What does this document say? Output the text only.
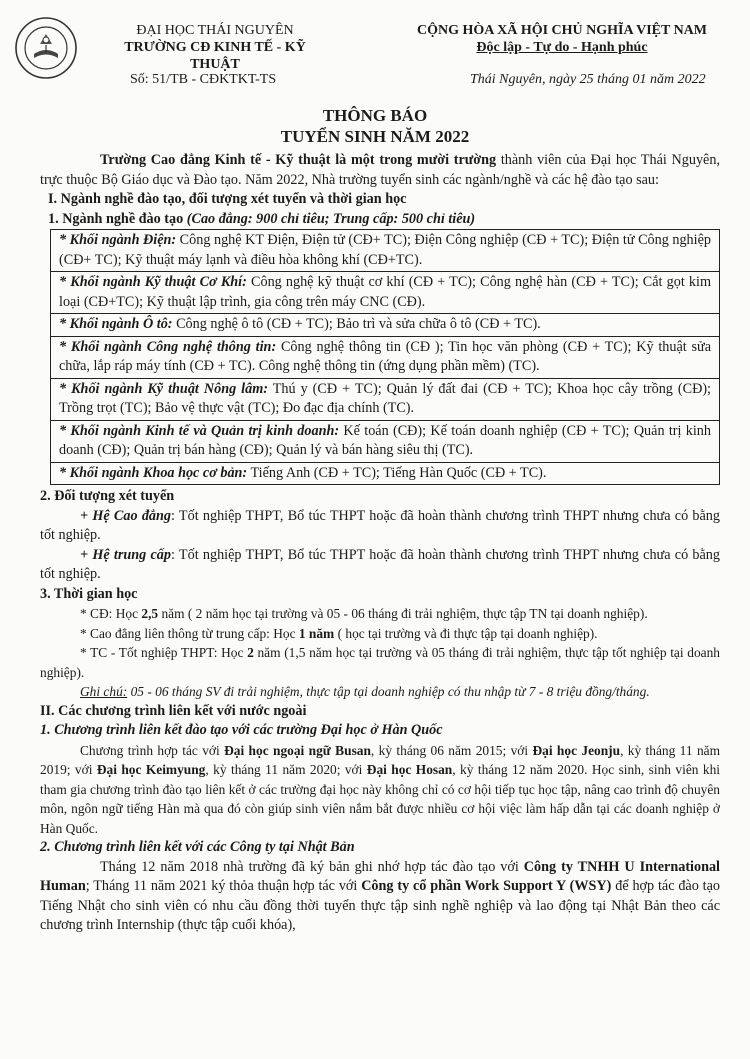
ĐẠI HỌC THÁI NGUYÊN
TRƯỜNG CĐ KINH TẾ - KỸ THUẬT
CỘNG HÒA XÃ HỘI CHỦ NGHĨA VIỆT NAM
Độc lập - Tự do - Hạnh phúc
Số: 51/TB - CĐKTKT-TS	Thái Nguyên, ngày 25 tháng 01 năm 2022
THÔNG BÁO
TUYỂN SINH NĂM 2022

Trường Cao đẳng Kinh tế - Kỹ thuật là một trong mười trường thành viên của Đại học Thái Nguyên, trực thuộc Bộ Giáo dục và Đào tạo. Năm 2022, Nhà trường tuyển sinh các ngành/nghề và các hệ đào tạo sau:

I. Ngành nghề đào tạo, đối tượng xét tuyển và thời gian học

1. Ngành nghề đào tạo (Cao đẳng: 900 chỉ tiêu; Trung cấp: 500 chỉ tiêu)

* Khối ngành Điện: Công nghệ KT Điện, Điện tử (CĐ+ TC); Điện Công nghiệp (CĐ + TC); Điện tử Công nghiệp (CĐ+ TC); Kỹ thuật máy lạnh và điều hòa không khí (CĐ+TC).
* Khối ngành Kỹ thuật Cơ Khí: Công nghệ kỹ thuật cơ khí (CĐ + TC); Công nghệ hàn (CĐ + TC); Cắt gọt kim loại (CĐ+TC); Kỹ thuật lập trình, gia công trên máy CNC (CĐ).
* Khối ngành Ô tô: Công nghệ ô tô (CĐ + TC); Bảo trì và sửa chữa ô tô (CĐ + TC).
* Khối ngành Công nghệ thông tin: Công nghệ thông tin (CĐ ); Tin học văn phòng (CĐ + TC); Kỹ thuật sửa chữa, lắp ráp máy tính (CĐ + TC). Công nghệ thông tin (ứng dụng phần mềm) (TC).
* Khối ngành Kỹ thuật Nông lâm: Thú y (CĐ + TC); Quản lý đất đai (CĐ + TC); Khoa học cây trồng (CĐ); Trồng trọt (TC); Bảo vệ thực vật (TC); Đo đạc địa chính (TC).
* Khối ngành Kinh tế và Quản trị kinh doanh: Kế toán (CĐ); Kế toán doanh nghiệp (CĐ + TC); Quản trị kinh doanh (CĐ); Quản trị bán hàng (CĐ); Quản lý và bán hàng siêu thị (TC).
* Khối ngành Khoa học cơ bản: Tiếng Anh (CĐ + TC); Tiếng Hàn Quốc (CĐ + TC).

2. Đối tượng xét tuyển

+ Hệ Cao đẳng: Tốt nghiệp THPT, Bổ túc THPT hoặc đã hoàn thành chương trình THPT nhưng chưa có bằng tốt nghiệp.

+ Hệ trung cấp: Tốt nghiệp THPT, Bổ túc THPT hoặc đã hoàn thành chương trình THPT nhưng chưa có bằng tốt nghiệp.

3. Thời gian học

* CĐ: Học 2,5 năm ( 2 năm học tại trường và 05 - 06 tháng đi trải nghiệm, thực tập TN tại doanh nghiệp).

* Cao đẳng liên thông từ trung cấp: Học 1 năm ( học tại trường và đi thực tập tại doanh nghiệp).

* TC - Tốt nghiệp THPT: Học 2 năm (1,5 năm học tại trường và 05 tháng đi trải nghiệm, thực tập tốt nghiệp tại doanh nghiệp).

Ghi chú: 05 - 06 tháng SV đi trải nghiệm, thực tập tại doanh nghiệp có thu nhập từ 7 - 8 triệu đồng/tháng.

II. Các chương trình liên kết với nước ngoài

1. Chương trình liên kết đào tạo với các trường Đại học ở Hàn Quốc

Chương trình hợp tác với Đại học ngoại ngữ Busan, kỳ tháng 06 năm 2015; với Đại học Jeonju, kỳ tháng 11 năm 2019; với Đại học Keimyung, kỳ tháng 11 năm 2020; với Đại học Hosan, kỳ tháng 12 năm 2020. Học sinh, sinh viên khi tham gia chương trình đào tạo liên kết ở các trường đại học này không chỉ có cơ hội tiếp tục học tập, nâng cao trình độ chuyên môn, ngôn ngữ tiếng Hàn mà qua đó còn giúp sinh viên nắm bắt được nhiều cơ hội việc làm hấp dẫn tại các doanh nghiệp ở Hàn Quốc.

2. Chương trình liên kết với các Công ty tại Nhật Bản

Tháng 12 năm 2018 nhà trường đã ký bản ghi nhớ hợp tác đào tạo với Công ty TNHH U International Human; Tháng 11 năm 2021 ký thỏa thuận hợp tác với Công ty cổ phần Work Support Y (WSY) để hợp tác đào tạo Tiếng Nhật cho sinh viên có nhu cầu đồng thời tuyển thực tập sinh nghề nghiệp và lao động tại Nhật Bản theo các chương trình Internship (thực tập cuối khóa),
